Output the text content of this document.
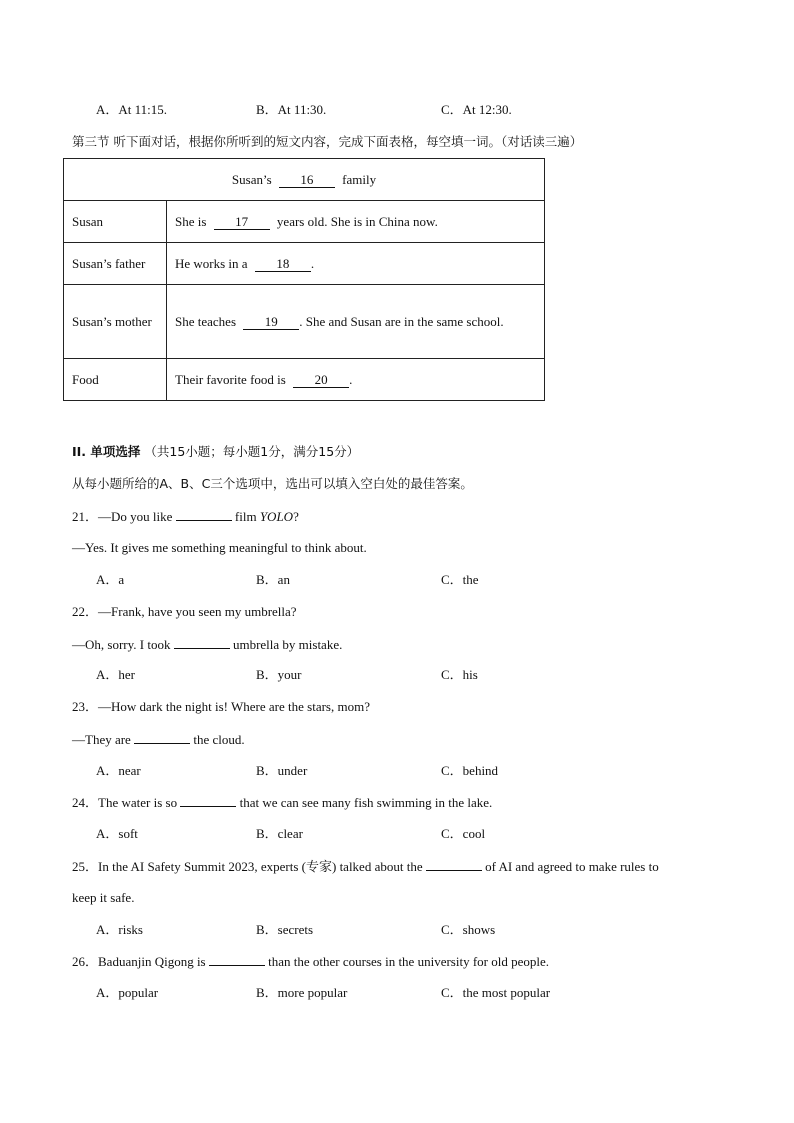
A．At 11:15.	B．At 11:30.	C．At 12:30.
第三节 听下面对话，根据你所听到的短文内容，完成下面表格，每空填一词。（对话读三遍）
Susan’s 16 family	
Susan	She is 17 years old. She is in China now.
Susan’s father	He works in a 18 .
Susan’s mother	She teaches 19 . She and Susan are in the same school.
Food	Their favorite food is 20 .
II. 单项选择 （共15小题；每小题1分，满分15分）
从每小题所给的A、B、C三个选项中，选出可以填入空白处的最佳答案。
21．—Do you like	film YOLO?
—Yes. It gives me something meaningful to think about.
A．a	B．an	C．the
22．—Frank, have you seen my umbrella?
—Oh, sorry. I took	umbrella by mistake.
A．her	B．your	C．his
23．—How dark the night is! Where are the stars, mom?
—They are	the cloud.
A．near	B．under	C．behind
24．The water is so	that we can see many fish swimming in the lake.
A．soft	B．clear	C．cool
25．In the AI Safety Summit 2023, experts (专家) talked about the	of AI and agreed to make rules to
keep it safe.
A．risks	B．secrets	C．shows
26．Baduanjin Qigong is	than the other courses in the university for old people.
A．popular	B．more popular	C．the most popular
